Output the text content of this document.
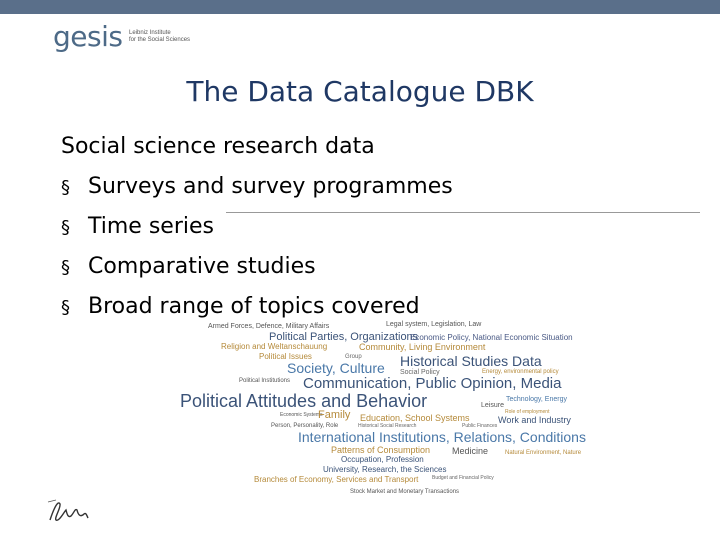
gesis Leibniz Institute
for the Social Sciences
The Data Catalogue DBK
Social science research data
§ Surveys and survey programmes
§ Time series
§ Comparative studies
§ Broad range of topics covered
Armed Forces, Defence, Military Affairs	Legal system, Legislation, Law
Political Parties, Organizations
Economic Policy, National Economic Situation
Religion and Weltanschauung	Community, Living Environment
Political Issues	Group	Historical Studies Data
Society, Culture Social Policy	Energy, environmental policy
Political Institutions Communication, Public Opinion, Media
Technology, Energy
Political Attitudes and Behavior	Leisure
Role of employment
Economic Systems
Family Education, School Systems	Work and Industry
Person, Personality, Role	Historical Social Research	Public Finances
International Institutions, Relations, Conditions
Medicine	Natural Environment, Nature
Patterns of Consumption
Occupation, Profession
University, Research, the Sciences
Branches of Economy, Services and Transport	Budget and Financial Policy
Stock Market and Monetary Transactions
